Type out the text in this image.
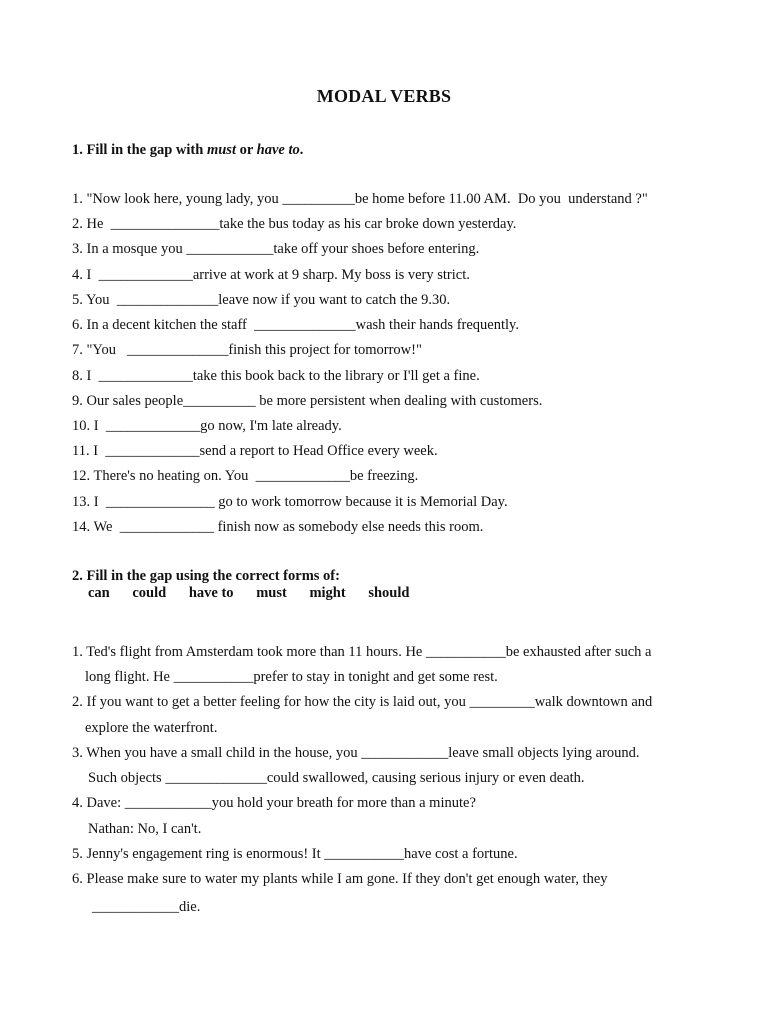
MODAL VERBS
1. Fill in the gap with must or have to.
1. "Now look here, young lady, you __________be home before 11.00 AM.  Do you  understand ?"
2. He  _______________take the bus today as his car broke down yesterday.
3. In a mosque you ____________take off your shoes before entering.
4. I  _____________arrive at work at 9 sharp. My boss is very strict.
5. You  ______________leave now if you want to catch the 9.30.
6. In a decent kitchen the staff  ______________wash their hands frequently.
7. "You   ______________finish this project for tomorrow!"
8. I  _____________take this book back to the library or I'll get a fine.
9. Our sales people__________ be more persistent when dealing with customers.
10. I  _____________go now, I'm late already.
11. I  _____________send a report to Head Office every week.
12. There's no heating on. You  _____________be freezing.
13. I  _______________ go to work tomorrow because it is Memorial Day.
14. We  _____________ finish now as somebody else needs this room.
2. Fill in the gap using the correct forms of:
can could have to must might should
1. Ted's flight from Amsterdam took more than 11 hours. He ___________be exhausted after such a
long flight. He ___________prefer to stay in tonight and get some rest.
2. If you want to get a better feeling for how the city is laid out, you _________walk downtown and
explore the waterfront.
3. When you have a small child in the house, you ____________leave small objects lying around.
Such objects ______________could swallowed, causing serious injury or even death.
4. Dave: ____________you hold your breath for more than a minute?
Nathan: No, I can't.
5. Jenny's engagement ring is enormous! It ___________have cost a fortune.
6. Please make sure to water my plants while I am gone. If they don't get enough water, they
____________die.
